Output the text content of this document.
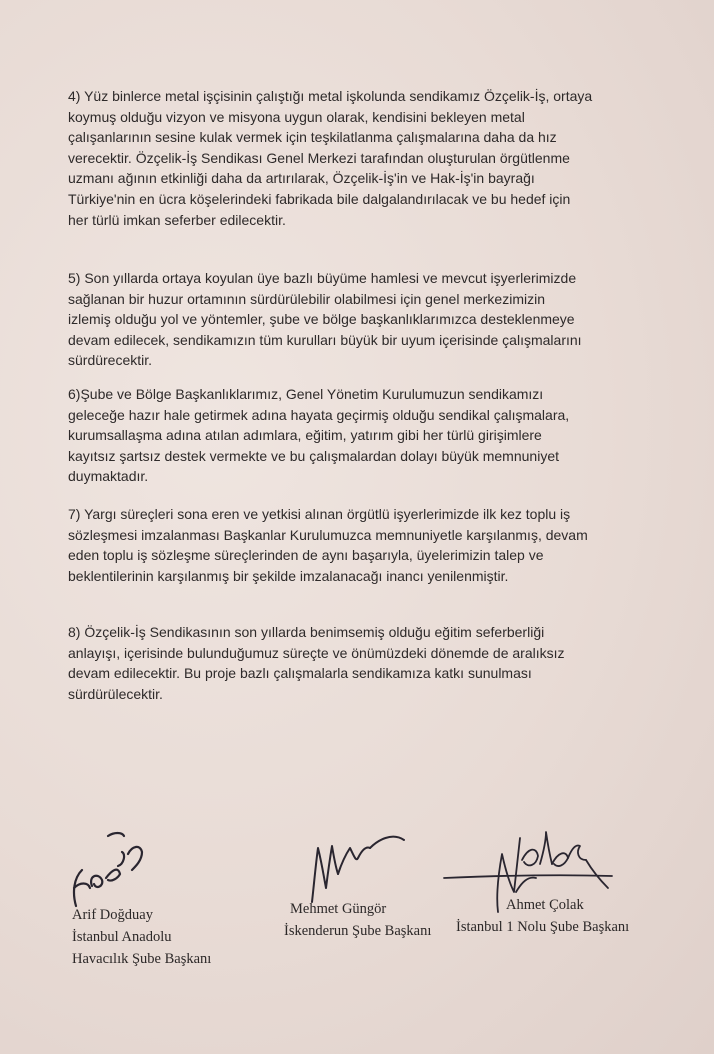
4) Yüz binlerce metal işçisinin çalıştığı metal işkolunda sendikamız Özçelik-İş, ortaya
koymuş olduğu vizyon ve misyona uygun olarak, kendisini bekleyen metal
çalışanlarının sesine kulak vermek için teşkilatlanma çalışmalarına daha da hız
verecektir. Özçelik-İş Sendikası Genel Merkezi tarafından oluşturulan örgütlenme
uzmanı ağının etkinliği daha da artırılarak, Özçelik-İş'in ve Hak-İş'in bayrağı
Türkiye'nin en ücra köşelerindeki fabrikada bile dalgalandırılacak ve bu hedef için
her türlü imkan seferber edilecektir.

5) Son yıllarda ortaya koyulan üye bazlı büyüme hamlesi ve mevcut işyerlerimizde
sağlanan bir huzur ortamının sürdürülebilir olabilmesi için genel merkezimizin
izlemiş olduğu yol ve yöntemler, şube ve bölge başkanlıklarımızca desteklenmeye
devam edilecek, sendikamızın tüm kurulları büyük bir uyum içerisinde çalışmalarını
sürdürecektir.

6)Şube ve Bölge Başkanlıklarımız, Genel Yönetim Kurulumuzun sendikamızı
geleceğe hazır hale getirmek adına hayata geçirmiş olduğu sendikal çalışmalara,
kurumsallaşma adına atılan adımlara, eğitim, yatırım gibi her türlü girişimlere
kayıtsız şartsız destek vermekte ve bu çalışmalardan dolayı büyük memnuniyet
duymaktadır.

7) Yargı süreçleri sona eren ve yetkisi alınan örgütlü işyerlerimizde ilk kez toplu iş
sözleşmesi imzalanması Başkanlar Kurulumuzca memnuniyetle karşılanmış, devam
eden toplu iş sözleşme süreçlerinden de aynı başarıyla, üyelerimizin talep ve
beklentilerinin karşılanmış bir şekilde imzalanacağı inancı yenilenmiştir.

8) Özçelik-İş Sendikasının son yıllarda benimsemiş olduğu eğitim seferberliği
anlayışı, içerisinde bulunduğumuz süreçte ve önümüzdeki dönemde de aralıksız
devam edilecektir. Bu proje bazlı çalışmalarla sendikamıza katkı sunulması
sürdürülecektir.

Arif Doğduay
İstanbul Anadolu
Havacılık Şube Başkanı
Mehmet Güngör
İskenderun Şube Başkanı
Ahmet Çolak
İstanbul 1 Nolu Şube Başkanı
